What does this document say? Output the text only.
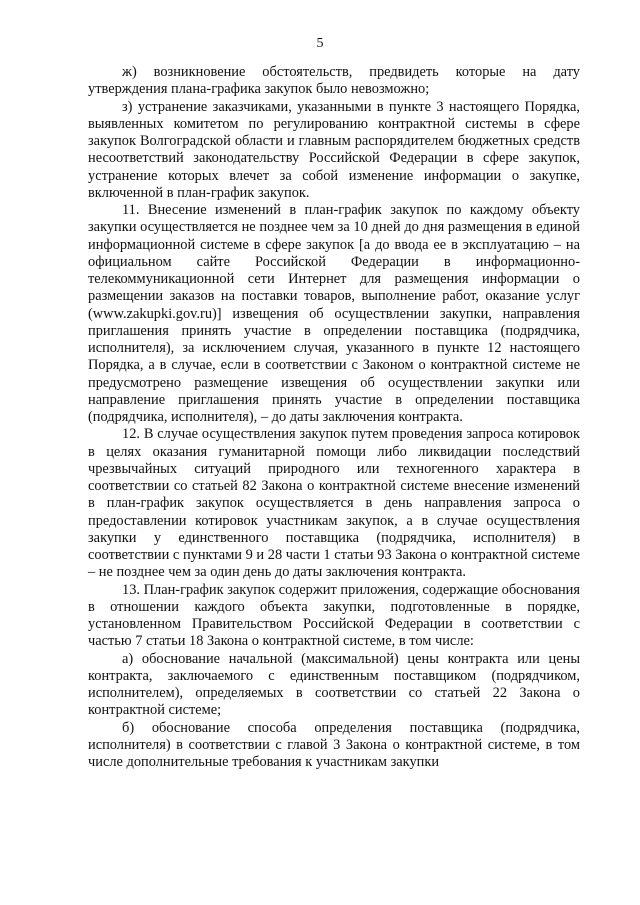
5

ж) возникновение обстоятельств, предвидеть которые на дату утверждения плана-графика закупок было невозможно;

з) устранение заказчиками, указанными в пункте 3 настоящего Порядка, выявленных комитетом по регулированию контрактной системы в сфере закупок Волгоградской области и главным распорядителем бюджетных средств несоответствий законодательству Российской Федерации в сфере закупок, устранение которых влечет за собой изменение информации о закупке, включенной в план-график закупок.

11. Внесение изменений в план-график закупок по каждому объекту закупки осуществляется не позднее чем за 10 дней до дня размещения в единой информационной системе в сфере закупок [а до ввода ее в эксплуатацию – на официальном сайте Российской Федерации в информационно-телекоммуникационной сети Интернет для размещения информации о размещении заказов на поставки товаров, выполнение работ, оказание услуг (www.zakupki.gov.ru)] извещения об осуществлении закупки, направления приглашения принять участие в определении поставщика (подрядчика, исполнителя), за исключением случая, указанного в пункте 12 настоящего Порядка, а в случае, если в соответствии с Законом о контрактной системе не предусмотрено размещение извещения об осуществлении закупки или направление приглашения принять участие в определении поставщика (подрядчика, исполнителя), – до даты заключения контракта.

12. В случае осуществления закупок путем проведения запроса котировок в целях оказания гуманитарной помощи либо ликвидации последствий чрезвычайных ситуаций природного или техногенного характера в соответствии со статьей 82 Закона о контрактной системе внесение изменений в план-график закупок осуществляется в день направления запроса о предоставлении котировок участникам закупок, а в случае осуществления закупки у единственного поставщика (подрядчика, исполнителя) в соответствии с пунктами 9 и 28 части 1 статьи 93 Закона о контрактной системе – не позднее чем за один день до даты заключения контракта.

13. План-график закупок содержит приложения, содержащие обоснования в отношении каждого объекта закупки, подготовленные в порядке, установленном Правительством Российской Федерации в соответствии с частью 7 статьи 18 Закона о контрактной системе, в том числе:

а) обоснование начальной (максимальной) цены контракта или цены контракта, заключаемого с единственным поставщиком (подрядчиком, исполнителем), определяемых в соответствии со статьей 22 Закона о контрактной системе;

б) обоснование способа определения поставщика (подрядчика, исполнителя) в соответствии с главой 3 Закона о контрактной системе, в том числе дополнительные требования к участникам закупки
